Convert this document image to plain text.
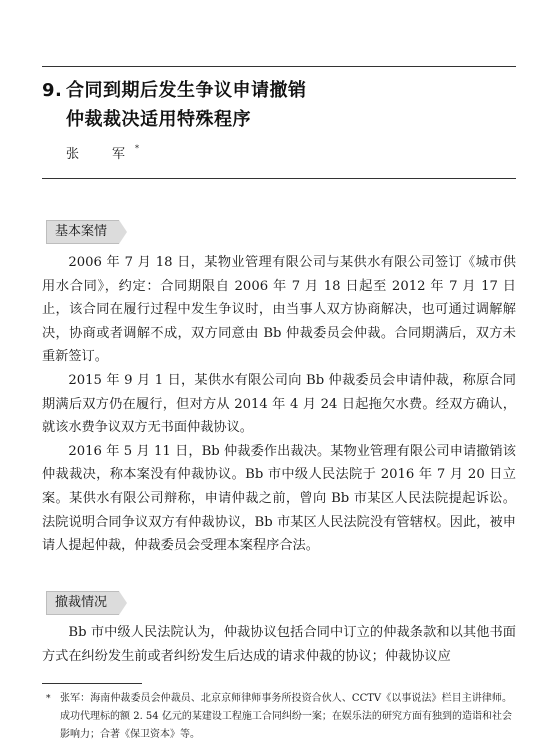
9. 合同到期后发生争议申请撤销
仲裁裁决适用特殊程序
张　军*
基本案情

2006 年 7 月 18 日，某物业管理有限公司与某供水有限公司签订《城市供用水合同》，约定：合同期限自 2006 年 7 月 18 日起至 2012 年 7 月 17 日止，该合同在履行过程中发生争议时，由当事人双方协商解决，也可通过调解解决，协商或者调解不成，双方同意由 Bb 仲裁委员会仲裁。合同期满后，双方未重新签订。

2015 年 9 月 1 日，某供水有限公司向 Bb 仲裁委员会申请仲裁，称原合同期满后双方仍在履行，但对方从 2014 年 4 月 24 日起拖欠水费。经双方确认，就该水费争议双方无书面仲裁协议。

2016 年 5 月 11 日，Bb 仲裁委作出裁决。某物业管理有限公司申请撤销该仲裁裁决，称本案没有仲裁协议。Bb 市中级人民法院于 2016 年 7 月 20 日立案。某供水有限公司辩称，申请仲裁之前，曾向 Bb 市某区人民法院提起诉讼。法院说明合同争议双方有仲裁协议，Bb 市某区人民法院没有管辖权。因此，被申请人提起仲裁，仲裁委员会受理本案程序合法。

撤裁情况

Bb 市中级人民法院认为，仲裁协议包括合同中订立的仲裁条款和以其他书面方式在纠纷发生前或者纠纷发生后达成的请求仲裁的协议；仲裁协议应

* 张军：海南仲裁委员会仲裁员、北京京师律师事务所投资合伙人、CCTV《以事说法》栏目主讲律师。成功代理标的额 2. 54 亿元的某建设工程施工合同纠纷一案；在娱乐法的研究方面有独到的造诣和社会影响力；合著《保卫资本》等。
